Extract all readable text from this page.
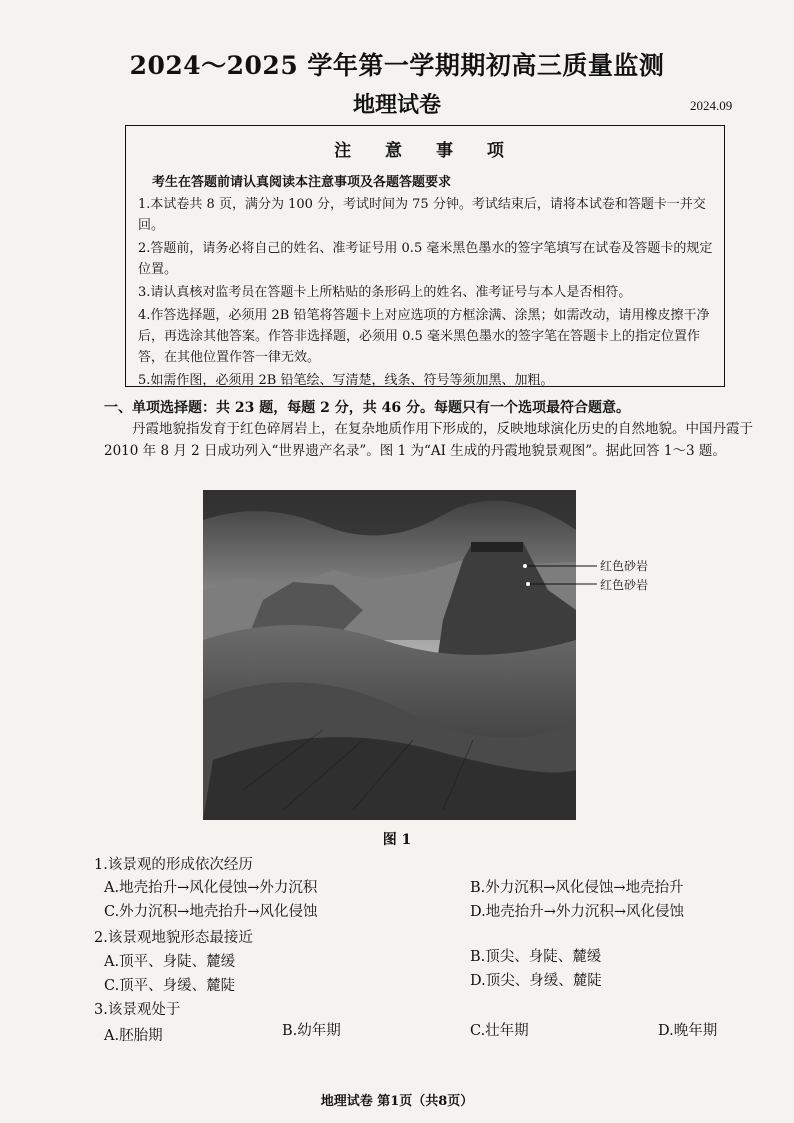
2024～2025 学年第一学期期初高三质量监测
地理试卷	2024.09
注 意 事 项
考生在答题前请认真阅读本注意事项及各题答题要求
1.本试卷共 8 页，满分为 100 分，考试时间为 75 分钟。考试结束后，请将本试卷和答题卡一并交回。
2.答题前，请务必将自己的姓名、准考证号用 0.5 毫米黑色墨水的签字笔填写在试卷及答题卡的规定位置。
3.请认真核对监考员在答题卡上所粘贴的条形码上的姓名、准考证号与本人是否相符。
4.作答选择题，必须用 2B 铅笔将答题卡上对应选项的方框涂满、涂黑；如需改动，请用橡皮擦干净后，再选涂其他答案。作答非选择题，必须用 0.5 毫米黑色墨水的签字笔在答题卡上的指定位置作答，在其他位置作答一律无效。
5.如需作图，必须用 2B 铅笔绘、写清楚，线条、符号等须加黑、加粗。
一、单项选择题：共 23 题，每题 2 分，共 46 分。每题只有一个选项最符合题意。
丹霞地貌指发育于红色碎屑岩上，在复杂地质作用下形成的，反映地球演化历史的自然地貌。中国丹霞于 2010 年 8 月 2 日成功列入“世界遗产名录”。图 1 为“AI 生成的丹霞地貌景观图”。据此回答 1～3 题。
红色砂岩
红色砂岩
图 1
1.该景观的形成依次经历
A.地壳抬升→风化侵蚀→外力沉积	B.外力沉积→风化侵蚀→地壳抬升
C.外力沉积→地壳抬升→风化侵蚀	D.地壳抬升→外力沉积→风化侵蚀
2.该景观地貌形态最接近
A.顶平、身陡、麓缓	B.顶尖、身陡、麓缓
C.顶平、身缓、麓陡	D.顶尖、身缓、麓陡
3.该景观处于
A.胚胎期	B.幼年期	C.壮年期	D.晚年期
地理试卷 第1页（共8页）
